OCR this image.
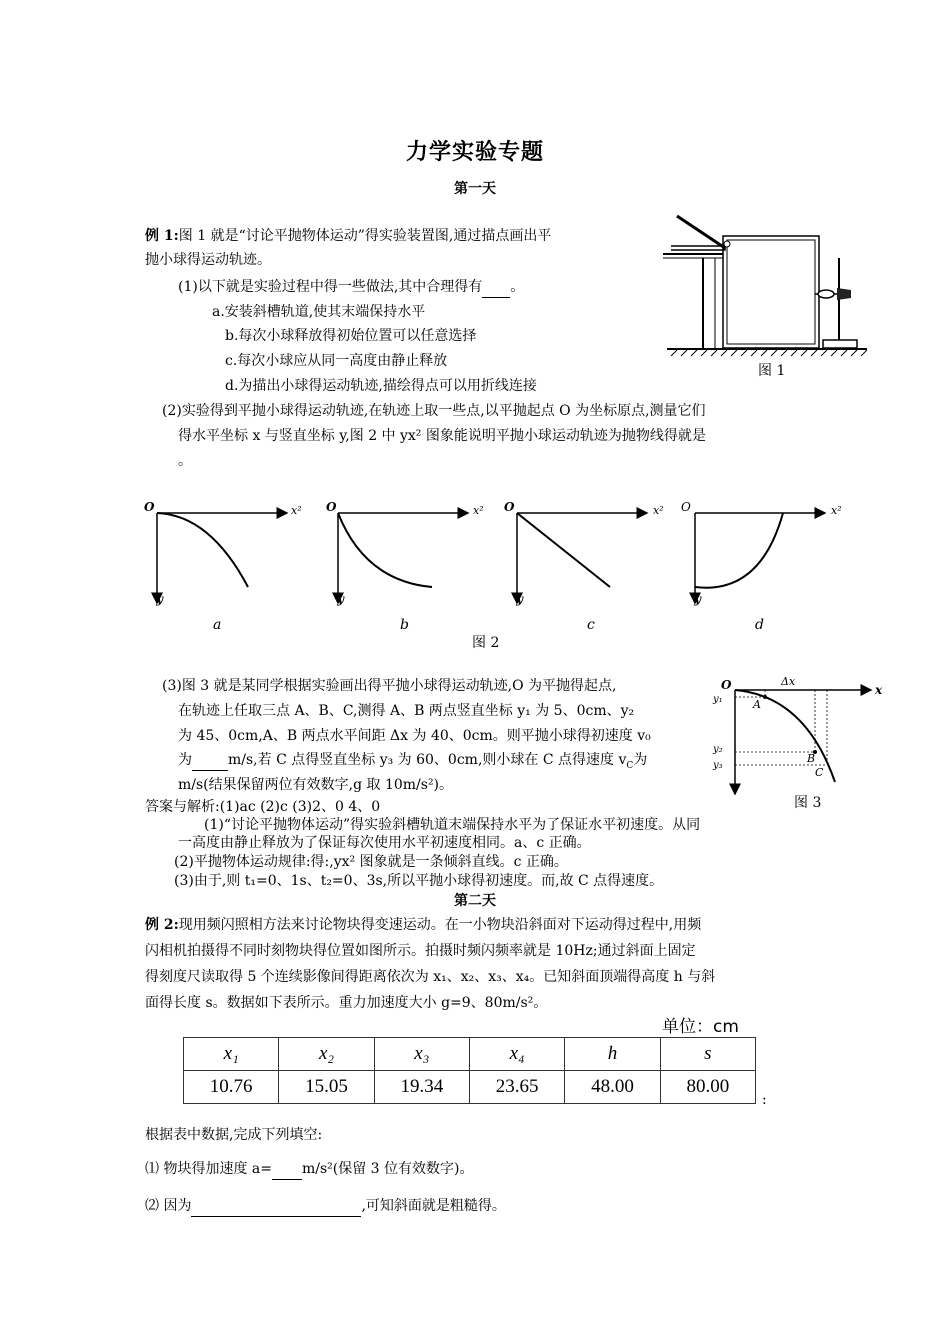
力学实验专题
第一天
例 1:图 1 就是“讨论平抛物体运动”得实验装置图,通过描点画出平
抛小球得运动轨迹。
(1)以下就是实验过程中得一些做法,其中合理得有 。
a.安装斜槽轨道,使其末端保持水平
b.每次小球释放得初始位置可以任意选择
c.每次小球应从同一高度由静止释放
d.为描出小球得运动轨迹,描绘得点可以用折线连接
图 1
(2)实验得到平抛小球得运动轨迹,在轨迹上取一些点,以平抛起点 O 为坐标原点,测量它们
得水平坐标 x 与竖直坐标 y,图 2 中 yx² 图象能说明平抛小球运动轨迹为抛物线得就是
。
O	x²
y
O	x²
y
O	x²
y
O	x²
y
a	b	c	d
图 2
(3)图 3 就是某同学根据实验画出得平抛小球得运动轨迹,O 为平抛得起点,
在轨迹上任取三点 A、B、C,测得 A、B 两点竖直坐标 y₁ 为 5、0cm、y₂
为 45、0cm,A、B 两点水平间距 Δx 为 40、0cm。则平抛小球得初速度 v₀
为	m/s,若 C 点得竖直坐标 y₃ 为 60、0cm,则小球在 C 点得速度 $v_C$为
m/s(结果保留两位有效数字,g 取 10m/s²)。
O	Δx
x
y₁
y₂
y₃
A
B
C
图 3
答案与解析:(1)ac (2)c (3)2、0 4、0
(1)“讨论平抛物体运动”得实验斜槽轨道末端保持水平为了保证水平初速度。从同
一高度由静止释放为了保证每次使用水平初速度相同。a、c 正确。
(2)平抛物体运动规律:得:,yx² 图象就是一条倾斜直线。c 正确。
(3)由于,则 t₁=0、1s、t₂=0、3s,所以平抛小球得初速度。而,故 C 点得速度。
第二天
例 2:现用频闪照相方法来讨论物块得变速运动。在一小物块沿斜面对下运动得过程中,用频
闪相机拍摄得不同时刻物块得位置如图所示。拍摄时频闪频率就是 10Hz;通过斜面上固定
得刻度尺读取得 5 个连续影像间得距离依次为 x₁、x₂、x₃、x₄。已知斜面顶端得高度 h 与斜
面得长度 s。数据如下表所示。重力加速度大小 g=9、80m/s²。
单位：cm
x₁	x₂	x₃	x₄	h	s
10.76	15.05	19.34	23.65	48.00	80.00
:
根据表中数据,完成下列填空:
⑴ 物块得加速度 a= m/s²(保留 3 位有效数字)。
⑵ 因为	,可知斜面就是粗糙得。
